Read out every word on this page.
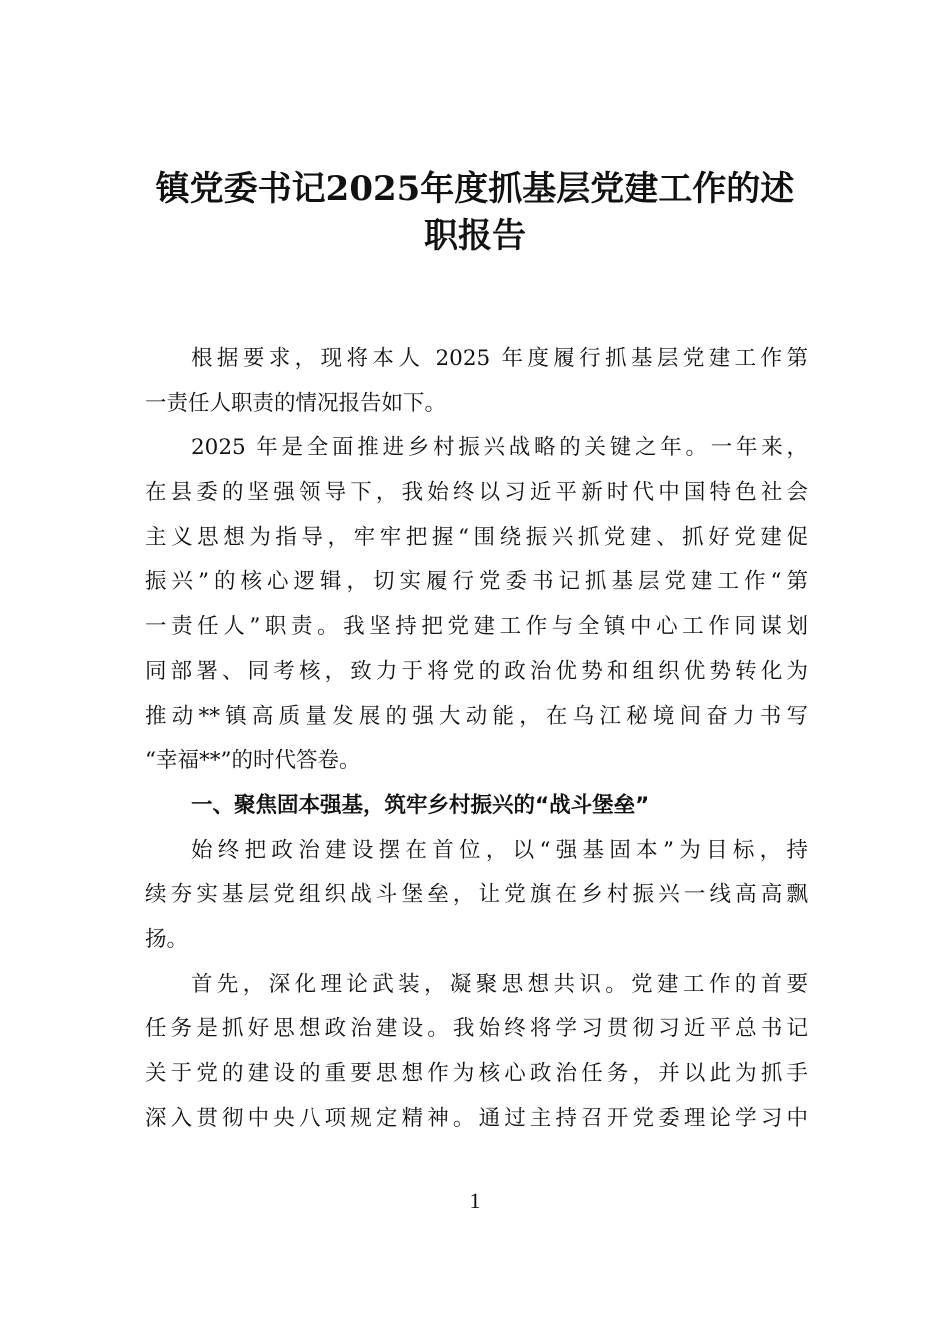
镇党委书记2025年度抓基层党建工作的述
职报告
根据要求，现将本人 2025 年度履行抓基层党建工作第
一责任人职责的情况报告如下。
2025 年是全面推进乡村振兴战略的关键之年。一年来，
在县委的坚强领导下，我始终以习近平新时代中国特色社会
主义思想为指导，牢牢把握“围绕振兴抓党建、抓好党建促
振兴”的核心逻辑，切实履行党委书记抓基层党建工作“第
一责任人”职责。我坚持把党建工作与全镇中心工作同谋划
同部署、同考核，致力于将党的政治优势和组织优势转化为
推动**镇高质量发展的强大动能，在乌江秘境间奋力书写
“幸福**”的时代答卷。
一、聚焦固本强基，筑牢乡村振兴的“战斗堡垒”
始终把政治建设摆在首位，以“强基固本”为目标，持
续夯实基层党组织战斗堡垒，让党旗在乡村振兴一线高高飘
扬。
首先，深化理论武装，凝聚思想共识。党建工作的首要
任务是抓好思想政治建设。我始终将学习贯彻习近平总书记
关于党的建设的重要思想作为核心政治任务，并以此为抓手
深入贯彻中央八项规定精神。通过主持召开党委理论学习中
1
